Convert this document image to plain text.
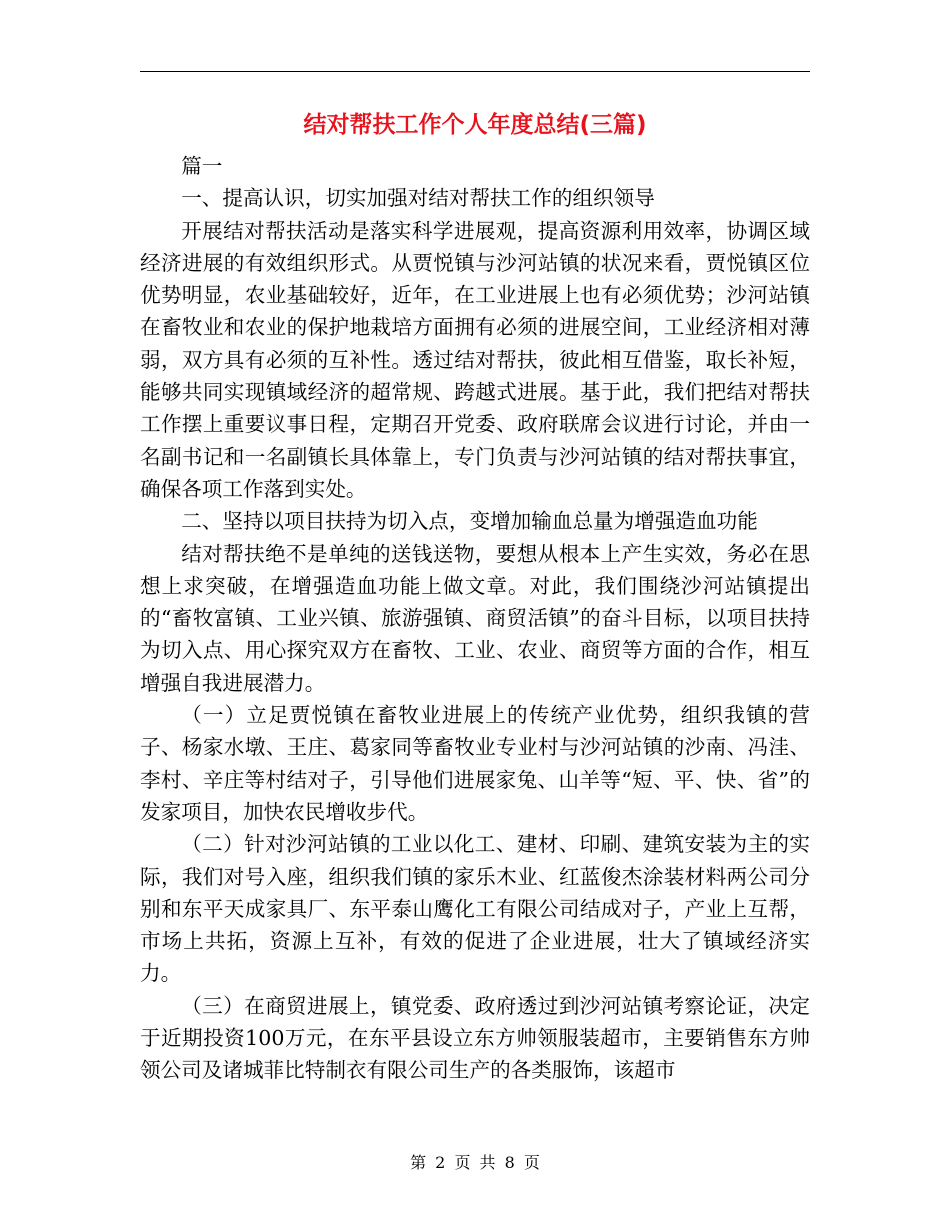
结对帮扶工作个人年度总结(三篇)

篇一

一、提高认识，切实加强对结对帮扶工作的组织领导

开展结对帮扶活动是落实科学进展观，提高资源利用效率，协调区域经济进展的有效组织形式。从贾悦镇与沙河站镇的状况来看，贾悦镇区位优势明显，农业基础较好，近年，在工业进展上也有必须优势；沙河站镇在畜牧业和农业的保护地栽培方面拥有必须的进展空间，工业经济相对薄弱，双方具有必须的互补性。透过结对帮扶，彼此相互借鉴，取长补短，能够共同实现镇域经济的超常规、跨越式进展。基于此，我们把结对帮扶工作摆上重要议事日程，定期召开党委、政府联席会议进行讨论，并由一名副书记和一名副镇长具体靠上，专门负责与沙河站镇的结对帮扶事宜，确保各项工作落到实处。

二、坚持以项目扶持为切入点，变增加输血总量为增强造血功能

结对帮扶绝不是单纯的送钱送物，要想从根本上产生实效，务必在思想上求突破，在增强造血功能上做文章。对此，我们围绕沙河站镇提出的“畜牧富镇、工业兴镇、旅游强镇、商贸活镇”的奋斗目标，以项目扶持为切入点、用心探究双方在畜牧、工业、农业、商贸等方面的合作，相互增强自我进展潜力。

（一）立足贾悦镇在畜牧业进展上的传统产业优势，组织我镇的营子、杨家水墩、王庄、葛家同等畜牧业专业村与沙河站镇的沙南、冯洼、李村、辛庄等村结对子，引导他们进展家兔、山羊等“短、平、快、省”的发家项目，加快农民增收步代。

（二）针对沙河站镇的工业以化工、建材、印刷、建筑安装为主的实际，我们对号入座，组织我们镇的家乐木业、红蓝俊杰涂装材料两公司分别和东平天成家具厂、东平泰山鹰化工有限公司结成对子，产业上互帮，市场上共拓，资源上互补，有效的促进了企业进展，壮大了镇域经济实力。

（三）在商贸进展上，镇党委、政府透过到沙河站镇考察论证，决定于近期投资100万元，在东平县设立东方帅领服装超市，主要销售东方帅领公司及诸城菲比特制衣有限公司生产的各类服饰，该超市

第 2 页 共 8 页
